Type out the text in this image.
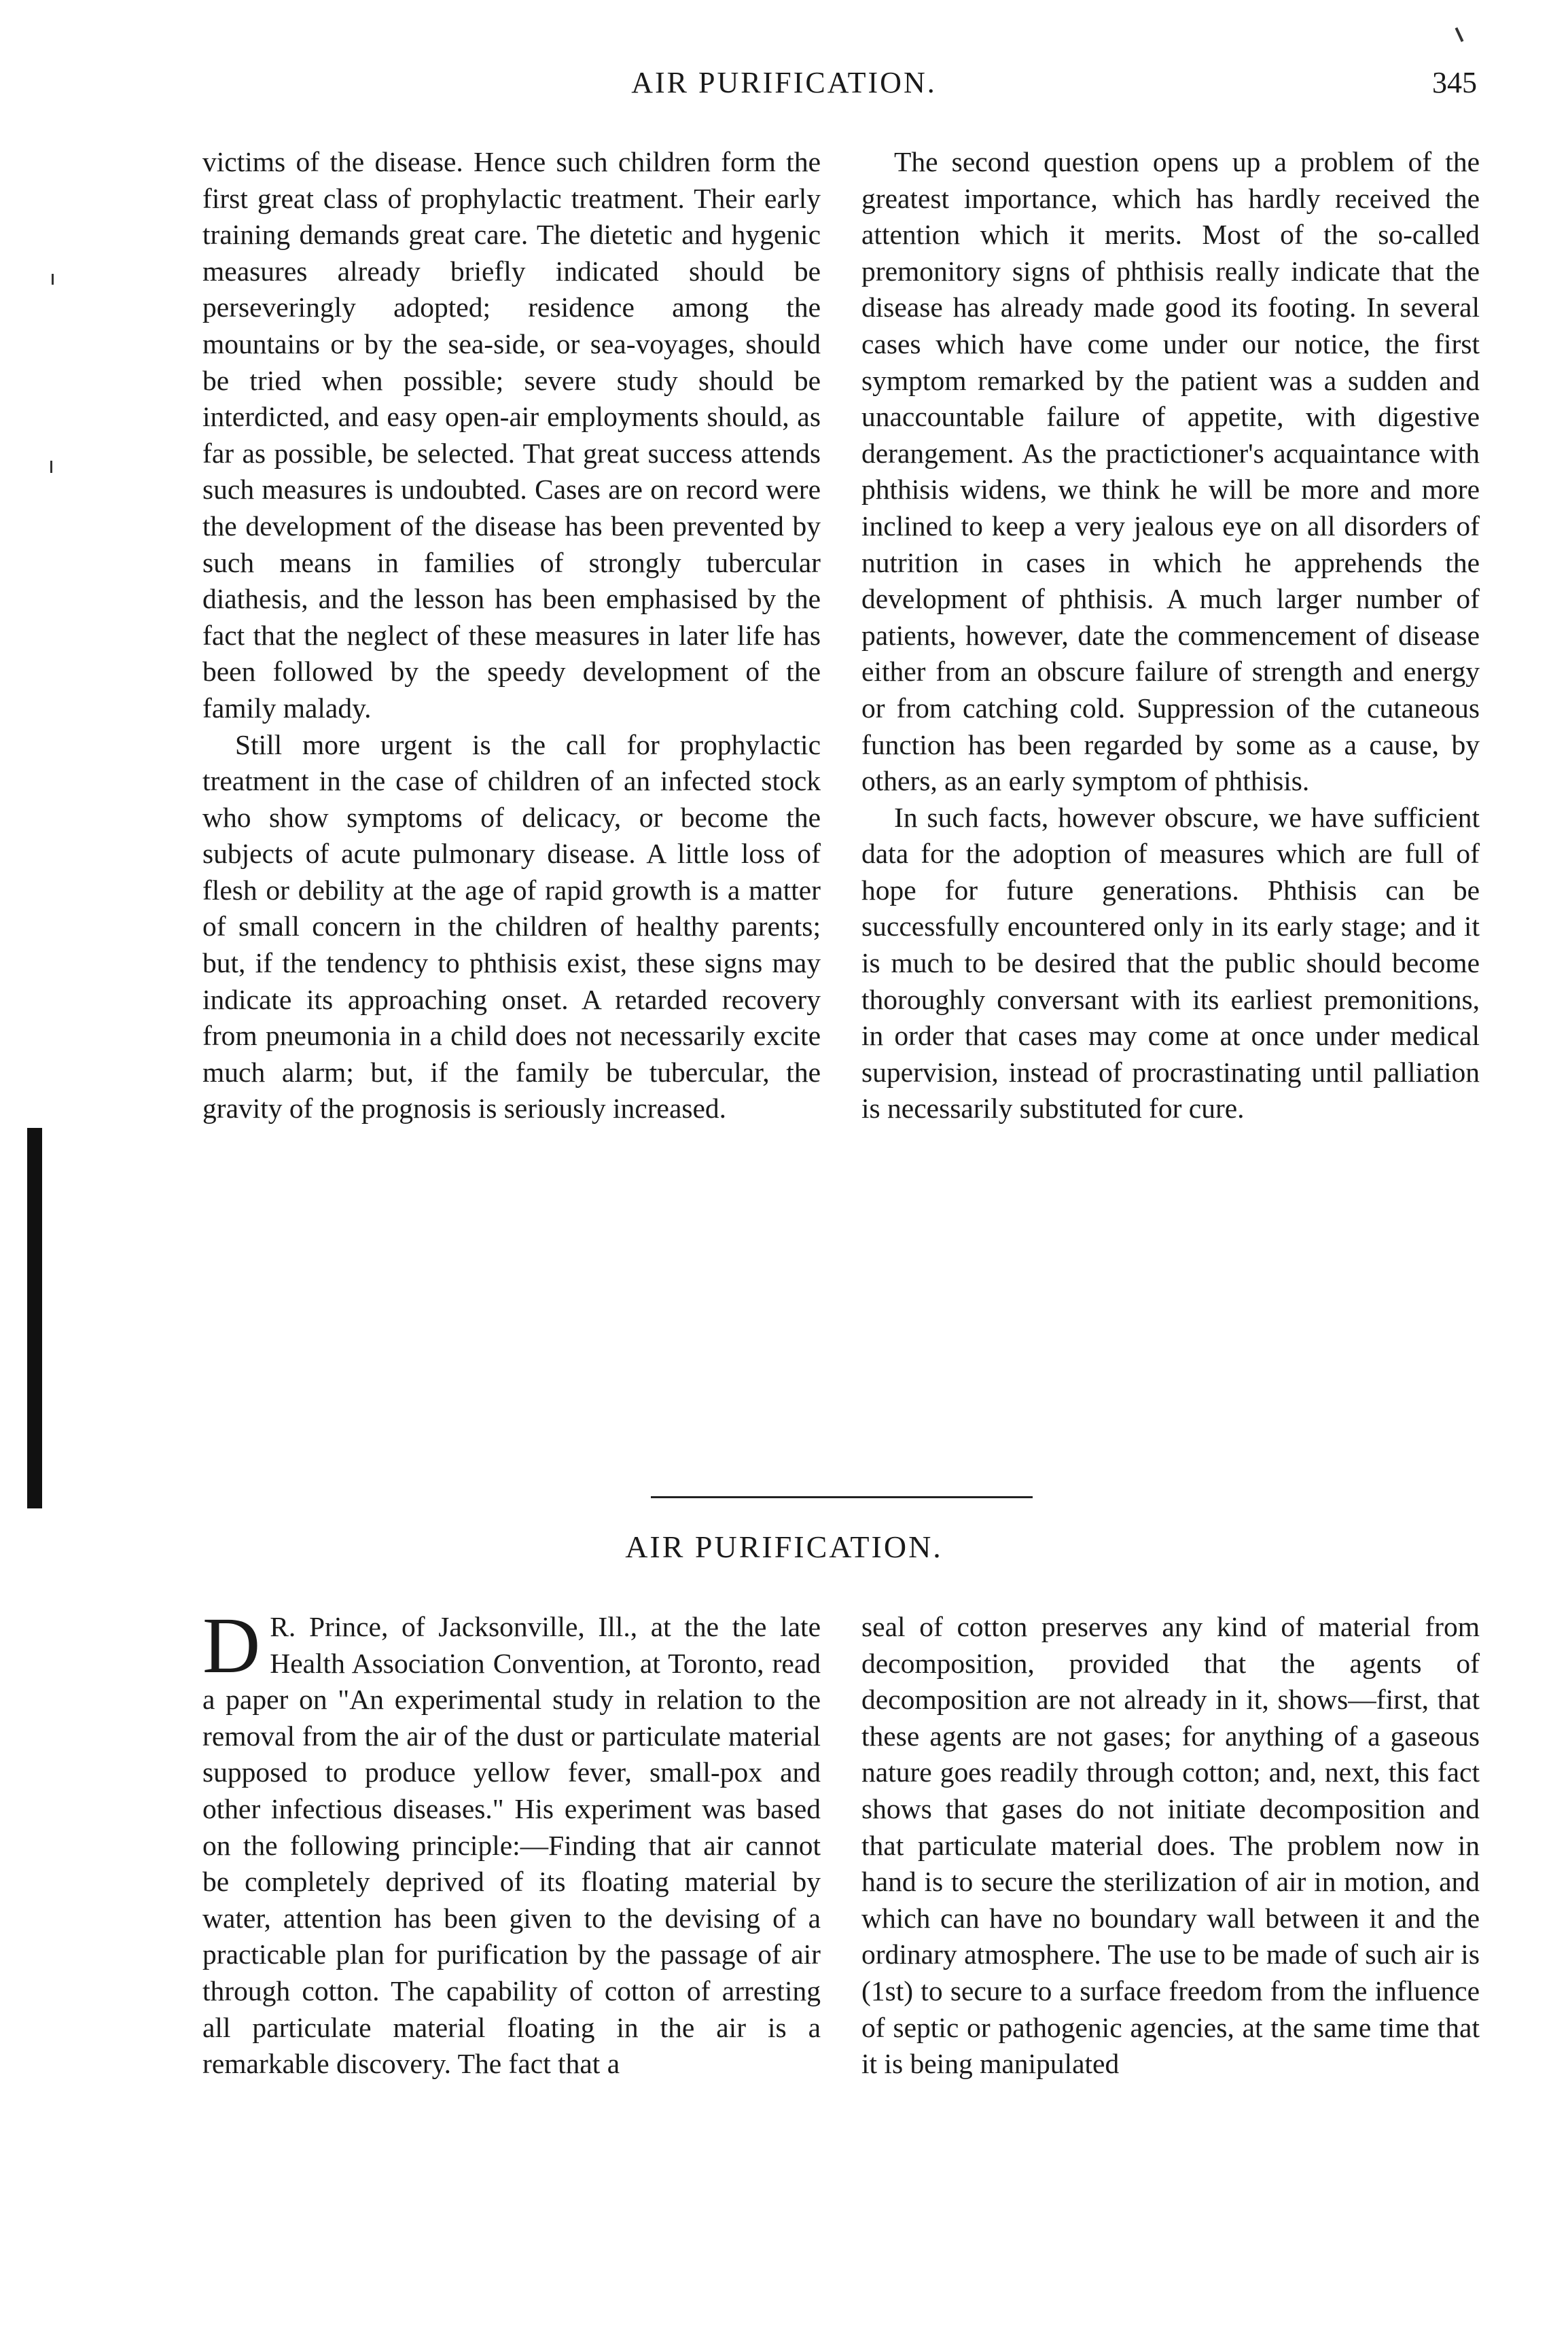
AIR PURIFICATION.	345

victims of the disease. Hence such children form the first great class of prophylactic treatment. Their early training demands great care. The dietetic and hygenic measures already briefly indicated should be perseveringly adopted; residence among the mountains or by the sea-side, or sea-voyages, should be tried when possible; severe study should be interdicted, and easy open-air employments should, as far as possible, be selected. That great success attends such measures is undoubted. Cases are on record were the development of the disease has been prevented by such means in families of strongly tubercular diathesis, and the lesson has been emphasised by the fact that the neglect of these measures in later life has been followed by the speedy development of the family malady.

Still more urgent is the call for prophylactic treatment in the case of children of an infected stock who show symptoms of delicacy, or become the subjects of acute pulmonary disease. A little loss of flesh or debility at the age of rapid growth is a matter of small concern in the children of healthy parents; but, if the tendency to phthisis exist, these signs may indicate its approaching onset. A retarded recovery from pneumonia in a child does not necessarily excite much alarm; but, if the family be tubercular, the gravity of the prognosis is seriously increased.

The second question opens up a problem of the greatest importance, which has hardly received the attention which it merits. Most of the so-called premonitory signs of phthisis really indicate that the disease has already made good its footing. In several cases which have come under our notice, the first symptom remarked by the patient was a sudden and unaccountable failure of appetite, with digestive derangement. As the practictioner's acquaintance with phthisis widens, we think he will be more and more inclined to keep a very jealous eye on all disorders of nutrition in cases in which he apprehends the development of phthisis. A much larger number of patients, however, date the commencement of disease either from an obscure failure of strength and energy or from catching cold. Suppression of the cutaneous function has been regarded by some as a cause, by others, as an early symptom of phthisis.

In such facts, however obscure, we have sufficient data for the adoption of measures which are full of hope for future generations. Phthisis can be successfully encountered only in its early stage; and it is much to be desired that the public should become thoroughly conversant with its earliest premonitions, in order that cases may come at once under medical supervision, instead of procrastinating until palliation is necessarily substituted for cure.

AIR PURIFICATION.
D R. Prince, of Jacksonville, Ill., at the the late Health Association Convention, at Toronto, read a paper on "An experimental study in relation to the removal from the air of the dust or particulate material supposed to produce yellow fever, small-pox and other infectious diseases." His experiment was based on the following principle:—Finding that air cannot be completely deprived of its floating material by water, attention has been given to the devising of a practicable plan for purification by the passage of air through cotton. The capability of cotton of arresting all particulate material floating in the air is a remarkable discovery. The fact that a

seal of cotton preserves any kind of material from decomposition, provided that the agents of decomposition are not already in it, shows—first, that these agents are not gases; for anything of a gaseous nature goes readily through cotton; and, next, this fact shows that gases do not initiate decomposition and that particulate material does. The problem now in hand is to secure the sterilization of air in motion, and which can have no boundary wall between it and the ordinary atmosphere. The use to be made of such air is (1st) to secure to a surface freedom from the influence of septic or pathogenic agencies, at the same time that it is being manipulated
